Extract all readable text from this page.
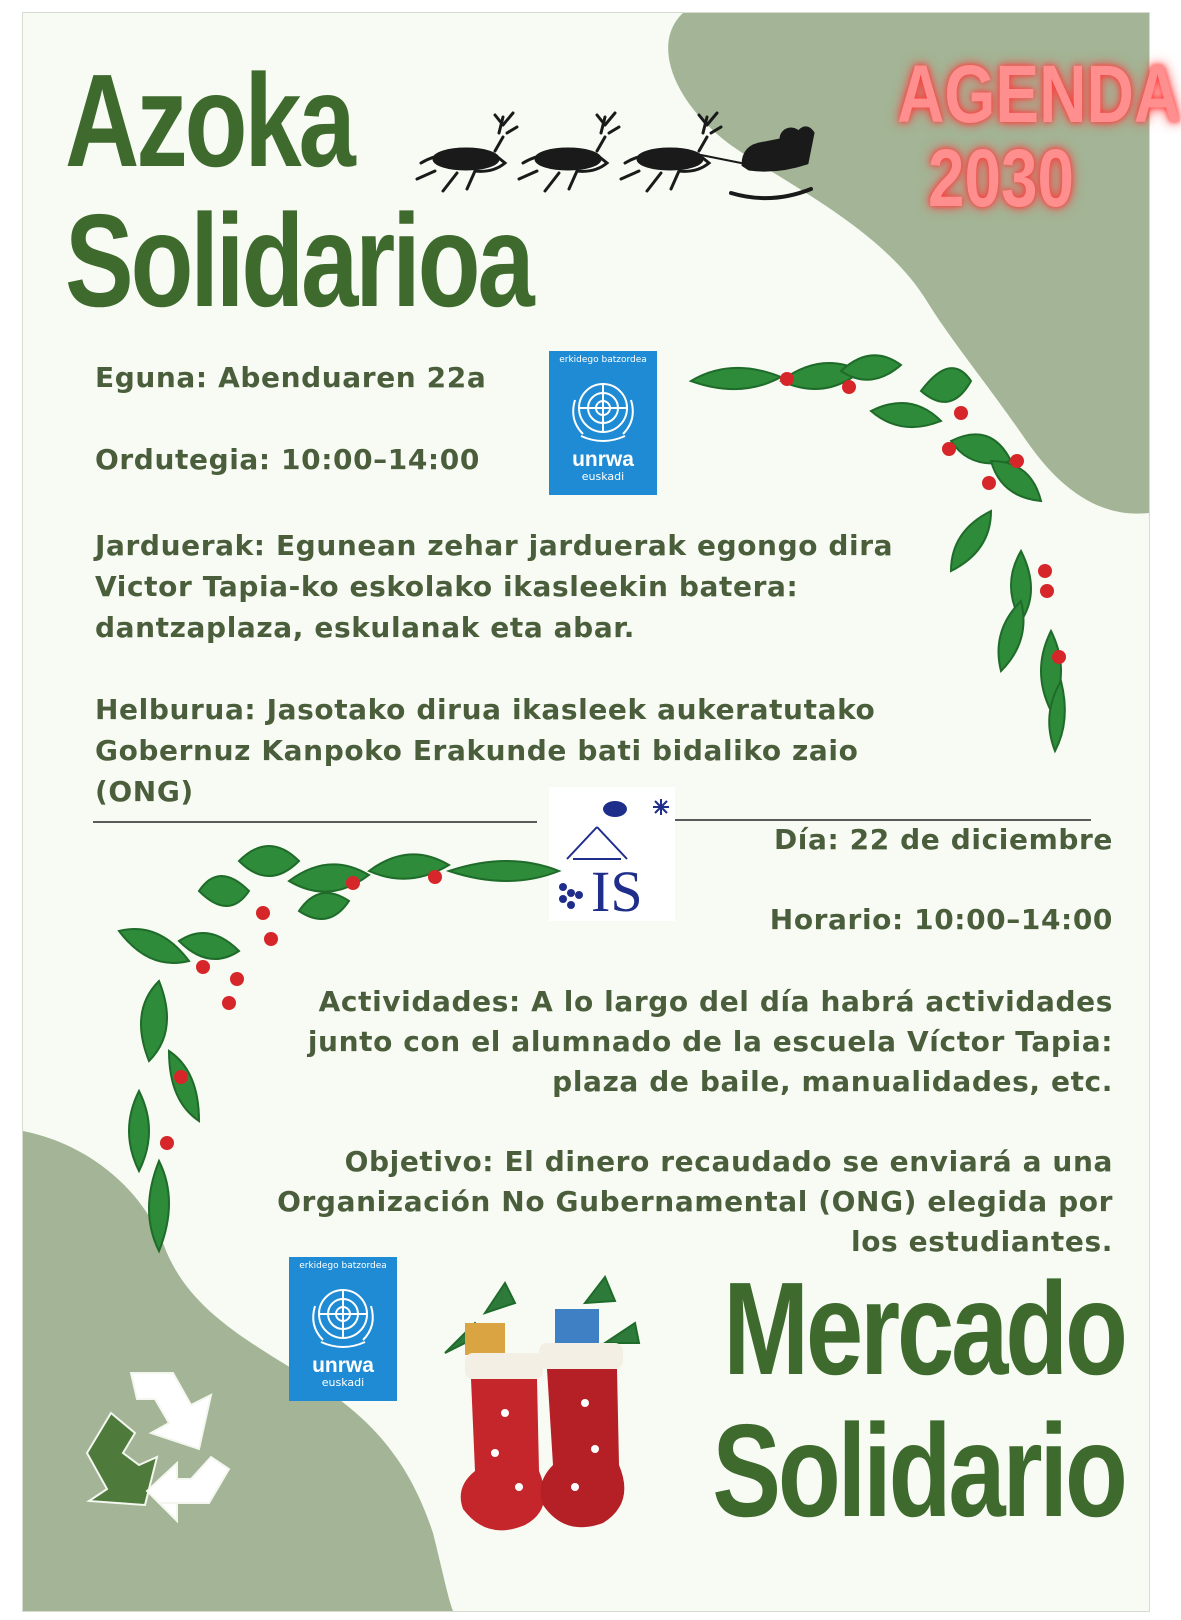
Azoka
Solidarioa
AGENDA
2030

Eguna: Abenduaren 22a

Ordutegia: 10:00–14:00

Jarduerak: Egunean zehar jarduerak egongo dira

Victor Tapia-ko eskolako ikasleekin batera:

dantzaplaza, eskulanak eta abar.

Helburua: Jasotako dirua ikasleek aukeratutako

Gobernuz Kanpoko Erakunde bati bidaliko zaio

(ONG)

erkidego batzordea
unrwa
euskadi
IS

Día: 22 de diciembre

Horario: 10:00–14:00

Actividades: A lo largo del día habrá actividades

junto con el alumnado de la escuela Víctor Tapia:

plaza de baile, manualidades, etc.

Objetivo: El dinero recaudado se enviará a una

Organización No Gubernamental (ONG) elegida por

los estudiantes.

erkidego batzordea
unrwa
euskadi	Mercado
Solidario
